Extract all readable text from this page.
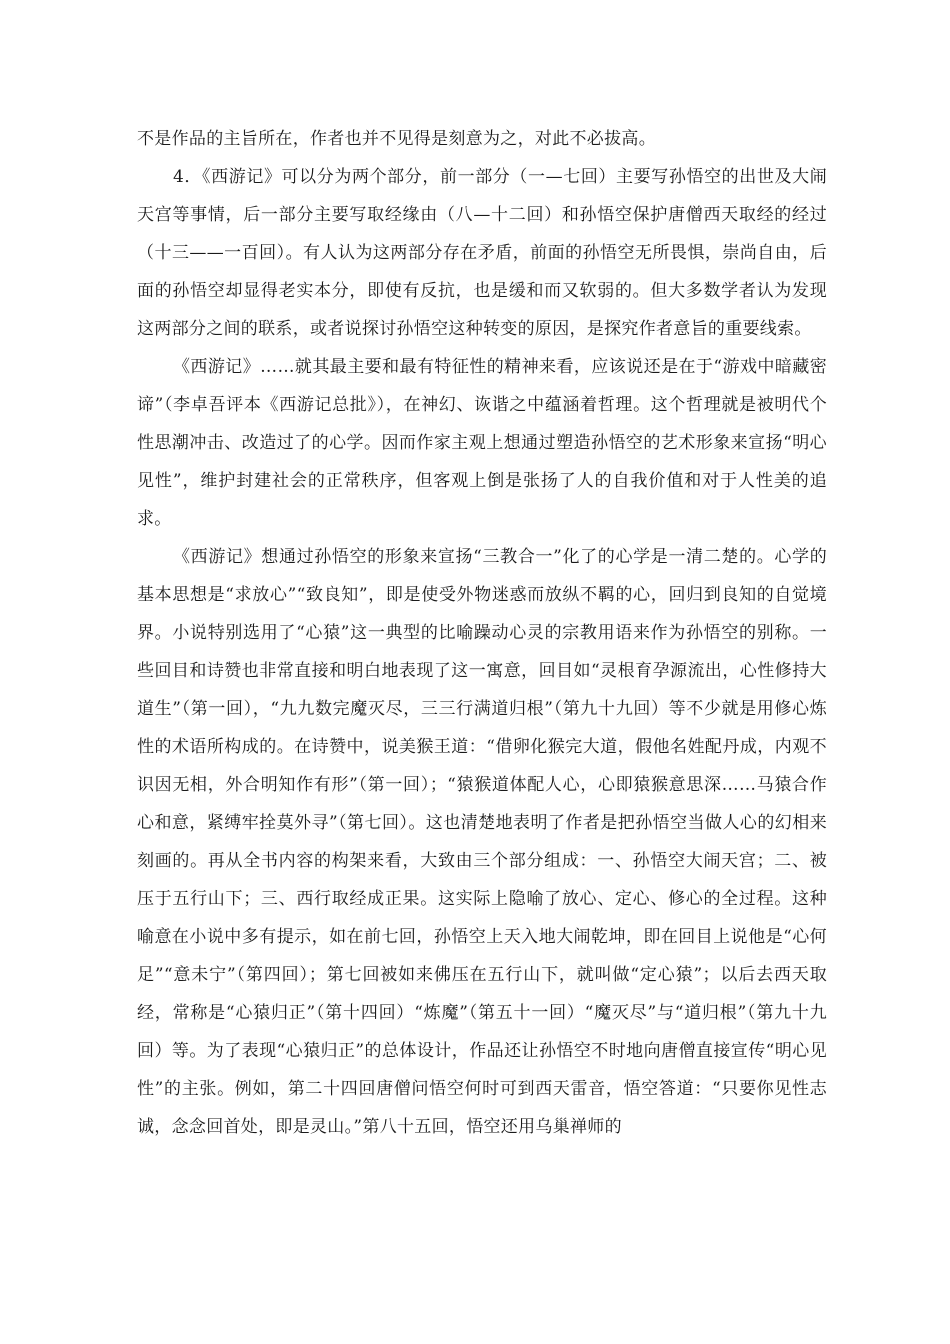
不是作品的主旨所在，作者也并不见得是刻意为之，对此不必拔高。

4．《西游记》可以分为两个部分，前一部分（一—七回）主要写孙悟空的出世及大闹天宫等事情，后一部分主要写取经缘由（八—十二回）和孙悟空保护唐僧西天取经的经过（十三——一百回）。有人认为这两部分存在矛盾，前面的孙悟空无所畏惧，崇尚自由，后面的孙悟空却显得老实本分，即使有反抗，也是缓和而又软弱的。但大多数学者认为发现这两部分之间的联系，或者说探讨孙悟空这种转变的原因，是探究作者意旨的重要线索。

《西游记》……就其最主要和最有特征性的精神来看，应该说还是在于“游戏中暗藏密谛”（李卓吾评本《西游记总批》），在神幻、诙谐之中蕴涵着哲理。这个哲理就是被明代个性思潮冲击、改造过了的心学。因而作家主观上想通过塑造孙悟空的艺术形象来宣扬“明心见性”，维护封建社会的正常秩序，但客观上倒是张扬了人的自我价值和对于人性美的追求。

《西游记》想通过孙悟空的形象来宣扬“三教合一”化了的心学是一清二楚的。心学的基本思想是“求放心”“致良知”，即是使受外物迷惑而放纵不羁的心，回归到良知的自觉境界。小说特别选用了“心猿”这一典型的比喻躁动心灵的宗教用语来作为孙悟空的别称。一些回目和诗赞也非常直接和明白地表现了这一寓意，回目如“灵根育孕源流出，心性修持大道生”（第一回），“九九数完魔灭尽，三三行满道归根”（第九十九回）等不少就是用修心炼性的术语所构成的。在诗赞中，说美猴王道：“借卵化猴完大道，假他名姓配丹成，内观不识因无相，外合明知作有形”（第一回）；“猿猴道体配人心，心即猿猴意思深……马猿合作心和意，紧缚牢拴莫外寻”（第七回）。这也清楚地表明了作者是把孙悟空当做人心的幻相来刻画的。再从全书内容的构架来看，大致由三个部分组成：一、孙悟空大闹天宫；二、被压于五行山下；三、西行取经成正果。这实际上隐喻了放心、定心、修心的全过程。这种喻意在小说中多有提示，如在前七回，孙悟空上天入地大闹乾坤，即在回目上说他是“心何足”“意未宁”（第四回）；第七回被如来佛压在五行山下，就叫做“定心猿”；以后去西天取经，常称是“心猿归正”（第十四回）“炼魔”（第五十一回）“魔灭尽”与“道归根”（第九十九回）等。为了表现“心猿归正”的总体设计，作品还让孙悟空不时地向唐僧直接宣传“明心见性”的主张。例如，第二十四回唐僧问悟空何时可到西天雷音，悟空答道：“只要你见性志诚，念念回首处，即是灵山。”第八十五回，悟空还用乌巢禅师的
